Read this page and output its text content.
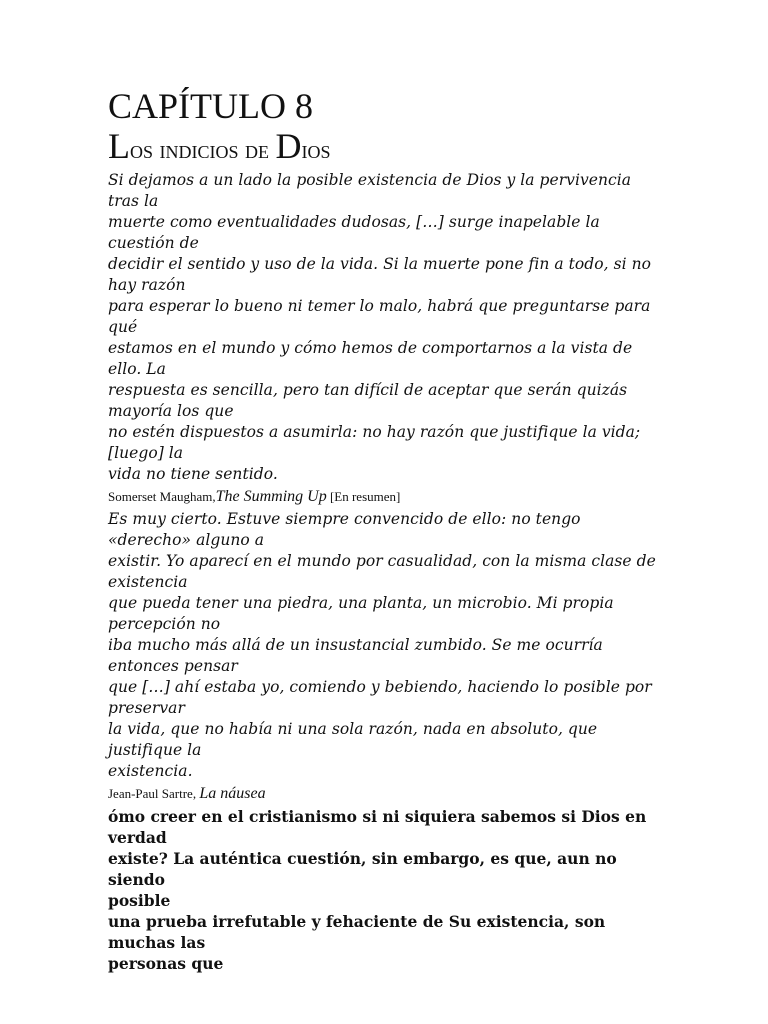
CAPÍTULO 8
Los indicios de Dios

Si dejamos a un lado la posible existencia de Dios y la pervivencia

tras la

muerte como eventualidades dudosas, […] surge inapelable la

cuestión de

decidir el sentido y uso de la vida. Si la muerte pone fin a todo, si no

hay razón

para esperar lo bueno ni temer lo malo, habrá que preguntarse para

qué

estamos en el mundo y cómo hemos de comportarnos a la vista de

ello. La

respuesta es sencilla, pero tan difícil de aceptar que serán quizás

mayoría los que

no estén dispuestos a asumirla: no hay razón que justifique la vida;

[luego] la

vida no tiene sentido.

Somerset Maugham,The Summing Up [En resumen]

Es muy cierto. Estuve siempre convencido de ello: no tengo

«derecho» alguno a

existir. Yo aparecí en el mundo por casualidad, con la misma clase de

existencia

que pueda tener una piedra, una planta, un microbio. Mi propia

percepción no

iba mucho más allá de un insustancial zumbido. Se me ocurría

entonces pensar

que […] ahí estaba yo, comiendo y bebiendo, haciendo lo posible por

preservar

la vida, que no había ni una sola razón, nada en absoluto, que

justifique la

existencia.

Jean-Paul Sartre, La náusea

ómo creer en el cristianismo si ni siquiera sabemos si Dios en verdad

existe? La auténtica cuestión, sin embargo, es que, aun no siendo

posible

una prueba irrefutable y fehaciente de Su existencia, son muchas las

personas que
